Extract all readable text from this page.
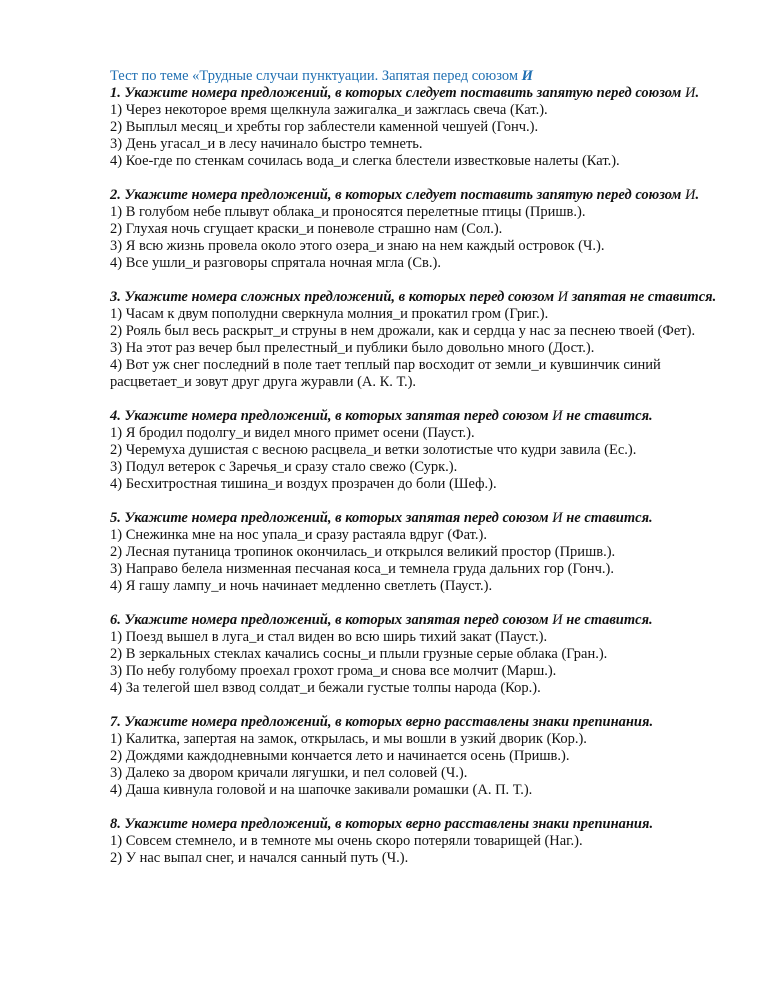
Тест по теме «Трудные случаи пунктуации. Запятая перед союзом И

1. Укажите номера предложений, в которых следует поставить запятую перед союзом И.

1) Через некоторое время щелкнула зажигалка_и зажглась свеча (Кат.).

2) Выплыл месяц_и хребты гор заблестели каменной чешуей (Гонч.).

3) День угасал_и в лесу начинало быстро темнеть.

4) Кое-где по стенкам сочилась вода_и слегка блестели известковые налеты (Кат.).

2. Укажите номера предложений, в которых следует поставить запятую перед союзом И.

1) В голубом небе плывут облака_и проносятся перелетные птицы (Пришв.).

2) Глухая ночь сгущает краски_и поневоле страшно нам (Сол.).

3) Я всю жизнь провела около этого озера_и знаю на нем каждый островок (Ч.).

4) Все ушли_и разговоры спрятала ночная мгла (Св.).

3. Укажите номера сложных предложений, в которых перед союзом И запятая не ставится.

1) Часам к двум пополудни сверкнула молния_и прокатил гром (Григ.).

2) Рояль был весь раскрыт_и струны в нем дрожали, как и сердца у нас за песнею твоей (Фет).

3) На этот раз вечер был прелестный_и публики было довольно много (Дост.).

4) Вот уж снег последний в поле тает теплый пар восходит от земли_и кувшинчик синий расцветает_и зовут друг друга журавли (А. К. Т.).

4. Укажите номера предложений, в которых запятая перед союзом И не ставится.

1) Я бродил подолгу_и видел много примет осени (Пауст.).

2) Черемуха душистая с весною расцвела_и ветки золотистые что кудри завила (Ес.).

3) Подул ветерок с Заречья_и сразу стало свежо (Сурк.).

4) Бесхитростная тишина_и воздух прозрачен до боли (Шеф.).

5. Укажите номера предложений, в которых запятая перед союзом И не ставится.

1) Снежинка мне на нос упала_и сразу растаяла вдруг (Фат.).

2) Лесная путаница тропинок окончилась_и открылся великий простор (Пришв.).

3) Направо белела низменная песчаная коса_и темнела груда дальних гор (Гонч.).

4) Я гашу лампу_и ночь начинает медленно светлеть (Пауст.).

6. Укажите номера предложений, в которых запятая перед союзом И не ставится.

1) Поезд вышел в луга_и стал виден во всю ширь тихий закат (Пауст.).

2) В зеркальных стеклах качались сосны_и плыли грузные серые облака (Гран.).

3) По небу голубому проехал грохот грома_и снова все молчит (Марш.).

4) За телегой шел взвод солдат_и бежали густые толпы народа (Кор.).

7. Укажите номера предложений, в которых верно расставлены знаки препинания.

1) Калитка, запертая на замок, открылась, и мы вошли в узкий дворик (Кор.).

2) Дождями каждодневными кончается лето и начинается осень (Пришв.).

3) Далеко за двором кричали лягушки, и пел соловей (Ч.).

4) Даша кивнула головой и на шапочке закивали ромашки (А. П. Т.).

8. Укажите номера предложений, в которых верно расставлены знаки препинания.

1) Совсем стемнело, и в темноте мы очень скоро потеряли товарищей (Наг.).

2) У нас выпал снег, и начался санный путь (Ч.).
